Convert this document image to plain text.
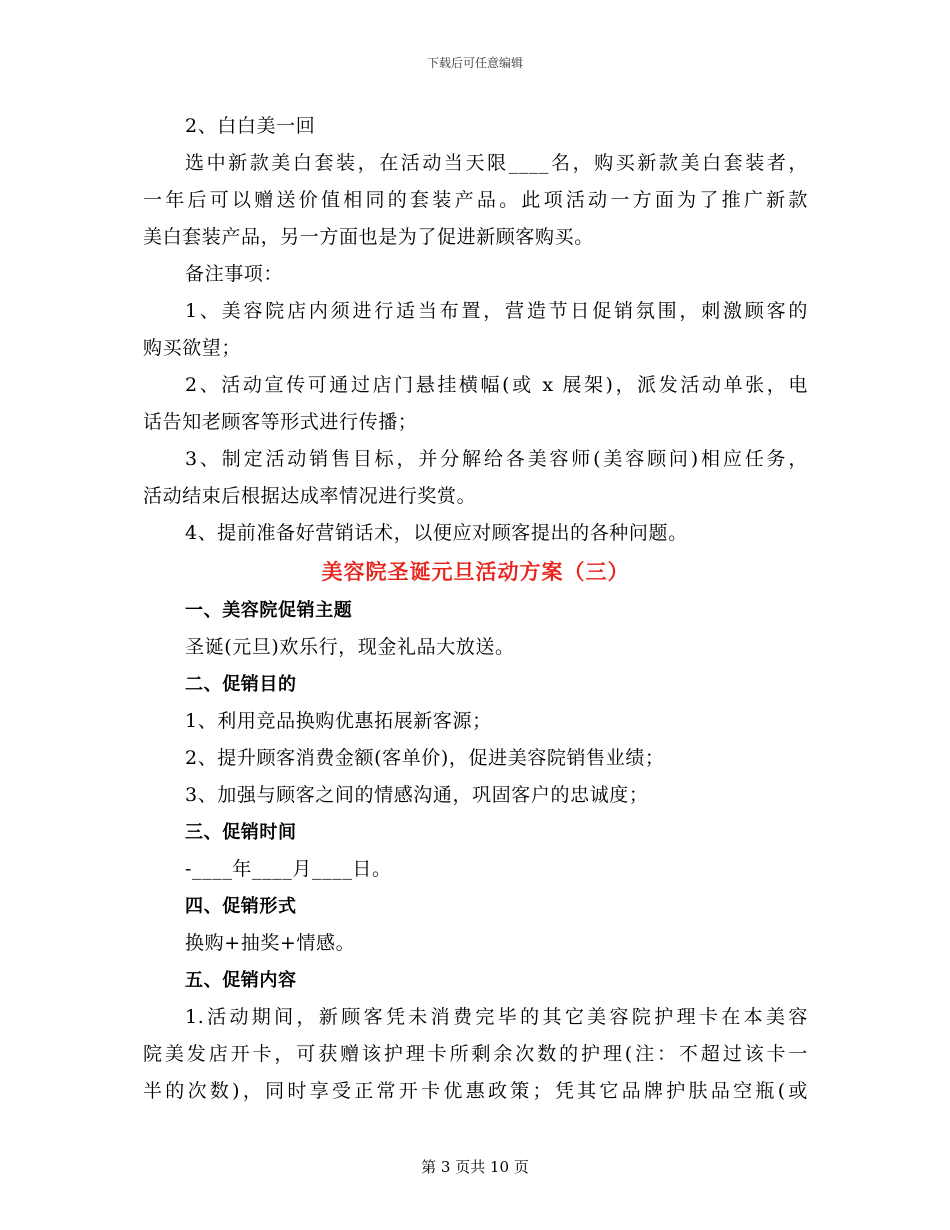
下载后可任意编辑
2、白白美一回
选中新款美白套装，在活动当天限____名，购买新款美白套装者，
一年后可以赠送价值相同的套装产品。此项活动一方面为了推广新款
美白套装产品，另一方面也是为了促进新顾客购买。
备注事项：
1、美容院店内须进行适当布置，营造节日促销氛围，刺激顾客的
购买欲望；
2、活动宣传可通过店门悬挂横幅(或 x 展架)，派发活动单张，电
话告知老顾客等形式进行传播；
3、制定活动销售目标，并分解给各美容师(美容顾问)相应任务，
活动结束后根据达成率情况进行奖赏。
4、提前准备好营销话术，以便应对顾客提出的各种问题。
美容院圣诞元旦活动方案（三）
一、美容院促销主题
圣诞(元旦)欢乐行，现金礼品大放送。
二、促销目的
1、利用竞品换购优惠拓展新客源；
2、提升顾客消费金额(客单价)，促进美容院销售业绩；
3、加强与顾客之间的情感沟通，巩固客户的忠诚度；
三、促销时间
-____年____月____日。
四、促销形式
换购+抽奖+情感。
五、促销内容
1.活动期间，新顾客凭未消费完毕的其它美容院护理卡在本美容
院美发店开卡，可获赠该护理卡所剩余次数的护理(注：不超过该卡一
半的次数)，同时享受正常开卡优惠政策；凭其它品牌护肤品空瓶(或
第 3 页共 10 页
